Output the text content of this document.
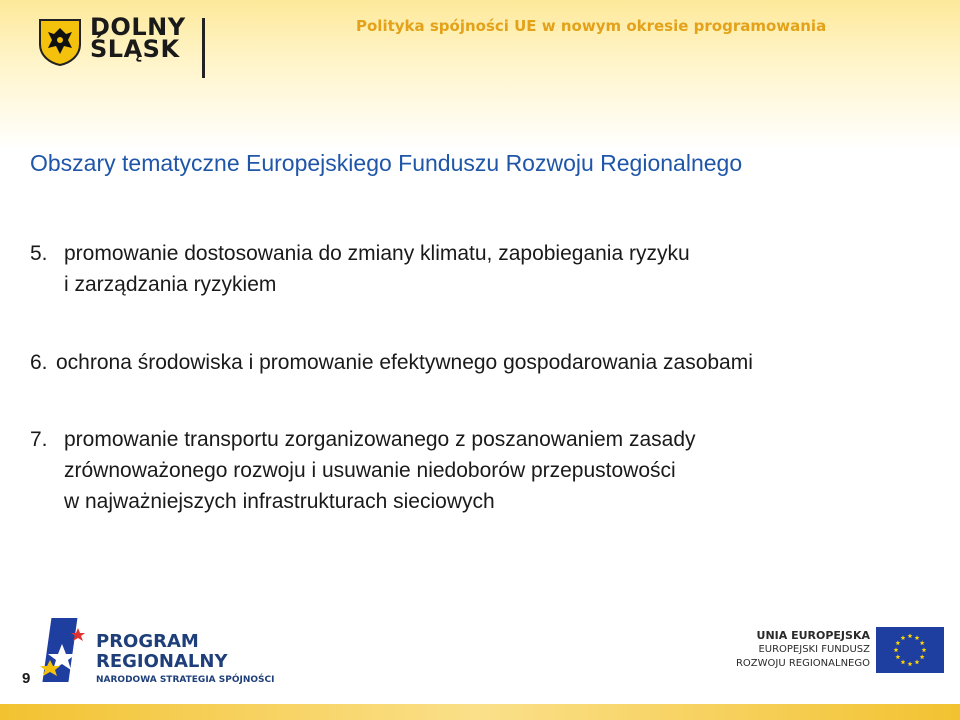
DOLNY
ŚLĄSK
Polityka spójności UE w nowym okresie programowania
Obszary tematyczne Europejskiego Funduszu Rozwoju Regionalnego
5. promowanie dostosowania do zmiany klimatu, zapobiegania ryzyku
i zarządzania ryzykiem
6. ochrona środowiska i promowanie efektywnego gospodarowania zasobami
7. promowanie transportu zorganizowanego z poszanowaniem zasady
zrównoważonego rozwoju i usuwanie niedoborów przepustowości
w najważniejszych infrastrukturach sieciowych
PROGRAM
REGIONALNY
NARODOWA STRATEGIA SPÓJNOŚCI
UNIA EUROPEJSKA
EUROPEJSKI FUNDUSZ
ROZWOJU REGIONALNEGO
9
